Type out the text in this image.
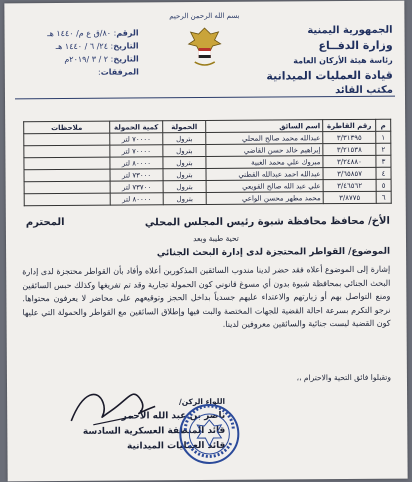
بسم الله الرحمن الرحيم
الجمهورية اليمنية
وزارة الدفــاع
رئاسة هيئة الأركان العامة
قيادة العمليات الميدانية
مكتب القائد
الرقم: ٨٠/ق ع م/ ١٤٤٠ هـ
التاريخ: ٢٤/ ٦ / ١٤٤٠ هـ
التاريخ: ٢ / ٣ /٢٠١٩م
المرفقات:
م	رقم القاطرة	اسم السائق	الحمولة	كمية الحمولة	ملاحظات
١	٣/٣١٣٩٥	عبدالله محمد صالح المحلي	بترول	٧٠٠٠٠ لتر	
٢	٣/٢١٥٣٨	إبراهيم خالد حسن القاضي	بترول	٧٠٠٠٠ لتر	
٣	٣/٢٤٨٨٠	مبروك علي محمد الغبية	بترول	٨٠٠٠٠ لتر	
٤	٣/٦٥٨٥٧	عبدالله احمد عبدالله القطني	بترول	٧٣٠٠٠ لتر	
٥	٣/٤٦٥٦٢	علي عبد الله صالح القويعي	بترول	٧٣٧٠٠ لتر	
٦	٣/٨٧٧٥	محمد مطهر محسن الواعي	بترول	٨٠٠٠٠ لتر	
الأخ/ محافظ محافظة شبوة رئيس المجلس المحلي
المحترم
تحية طيبة وبعد
الموضوع/ القواطر المحتجزة لدى إدارة البحث الجنائي
إشارة إلى الموضوع أعلاه فقد حضر لدينا مندوب السائقين المذكورين أعلاه وأفاد بأن القواطر محتجزة لدى إدارة البحث الجنائي بمحافظة شبوة بدون أي مسوغ قانوني كون الحمولة تجارية وقد تم تفريغها وكذلك حبس السائقين ومنع التواصل بهم أو زيارتهم والاعتداء عليهم جسدياً بداخل الحجز وتوقيعهم على محاضر لا يعرفون محتواها. نرجو التكرم بسرعة احالة القضية للجهات المختصة والبت فيها وإطلاق السائقين مع القواطر والحمولة التي عليها كون القضية ليست جنائية والسائقين معروفين لدينا.
وتقبلوا فائق التحية والاحترام ،،
اللواء الركن/
ناصر بن عبد الله الأحمر
قائد المنطقة العسكرية السادسة
قائد العمليات الميدانية
